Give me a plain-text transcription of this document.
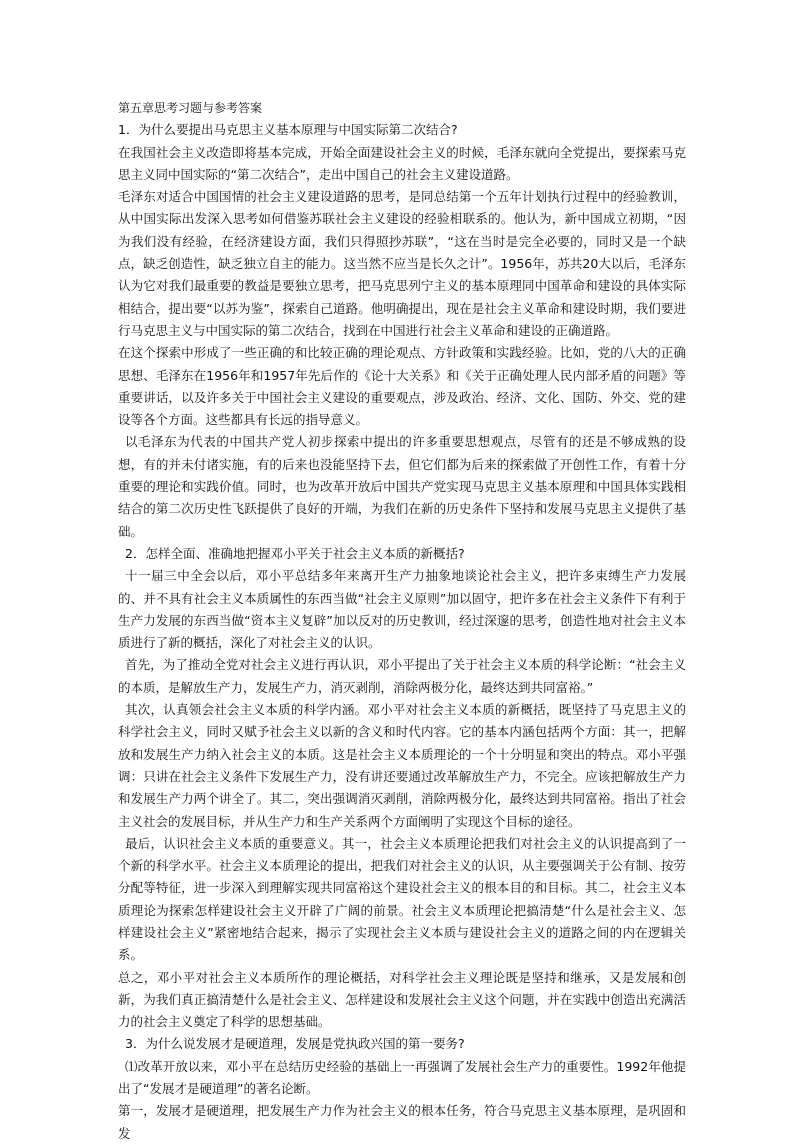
第五章思考习题与参考答案

1．为什么要提出马克思主义基本原理与中国实际第二次结合?

在我国社会主义改造即将基本完成，开始全面建设社会主义的时候，毛泽东就向全党提出，要探索马克思主义同中国实际的“第二次结合”，走出中国自己的社会主义建设道路。

毛泽东对适合中国国情的社会主义建设道路的思考，是同总结第一个五年计划执行过程中的经验教训，从中国实际出发深入思考如何借鉴苏联社会主义建设的经验相联系的。他认为，新中国成立初期，“因为我们没有经验，在经济建设方面，我们只得照抄苏联”，“这在当时是完全必要的，同时又是一个缺点，缺乏创造性，缺乏独立自主的能力。这当然不应当是长久之计”。1956年，苏共20大以后，毛泽东认为它对我们最重要的教益是要独立思考，把马克思列宁主义的基本原理同中国革命和建设的具体实际相结合，提出要“以苏为鉴”，探索自己道路。他明确提出，现在是社会主义革命和建设时期，我们要进行马克思主义与中国实际的第二次结合，找到在中国进行社会主义革命和建设的正确道路。

在这个探索中形成了一些正确的和比较正确的理论观点、方针政策和实践经验。比如，党的八大的正确思想、毛泽东在1956年和1957年先后作的《论十大关系》和《关于正确处理人民内部矛盾的问题》等重要讲话，以及许多关于中国社会主义建设的重要观点，涉及政治、经济、文化、国防、外交、党的建设等各个方面。这些都具有长远的指导意义。

以毛泽东为代表的中国共产党人初步探索中提出的许多重要思想观点，尽管有的还是不够成熟的设想，有的并未付诸实施，有的后来也没能坚持下去，但它们都为后来的探索做了开创性工作，有着十分重要的理论和实践价值。同时，也为改革开放后中国共产党实现马克思主义基本原理和中国具体实践相结合的第二次历史性飞跃提供了良好的开端，为我们在新的历史条件下坚持和发展马克思主义提供了基础。

2．怎样全面、准确地把握邓小平关于社会主义本质的新概括?

十一届三中全会以后，邓小平总结多年来离开生产力抽象地谈论社会主义，把许多束缚生产力发展的、并不具有社会主义本质属性的东西当做“社会主义原则”加以固守，把许多在社会主义条件下有利于生产力发展的东西当做“资本主义复辟”加以反对的历史教训，经过深邃的思考，创造性地对社会主义本质进行了新的概括，深化了对社会主义的认识。

首先，为了推动全党对社会主义进行再认识，邓小平提出了关于社会主义本质的科学论断：“社会主义的本质，是解放生产力，发展生产力，消灭剥削，消除两极分化，最终达到共同富裕。”

其次，认真领会社会主义本质的科学内涵。邓小平对社会主义本质的新概括，既坚持了马克思主义的科学社会主义，同时又赋予社会主义以新的含义和时代内容。它的基本内涵包括两个方面：其一，把解放和发展生产力纳入社会主义的本质。这是社会主义本质理论的一个十分明显和突出的特点。邓小平强调：只讲在社会主义条件下发展生产力，没有讲还要通过改革解放生产力，不完全。应该把解放生产力和发展生产力两个讲全了。其二，突出强调消灭剥削，消除两极分化，最终达到共同富裕。指出了社会主义社会的发展目标，并从生产力和生产关系两个方面阐明了实现这个目标的途径。

最后，认识社会主义本质的重要意义。其一，社会主义本质理论把我们对社会主义的认识提高到了一个新的科学水平。社会主义本质理论的提出，把我们对社会主义的认识，从主要强调关于公有制、按劳分配等特征，进一步深入到理解实现共同富裕这个建设社会主义的根本目的和目标。其二，社会主义本质理论为探索怎样建设社会主义开辟了广阔的前景。社会主义本质理论把搞清楚“什么是社会主义、怎样建设社会主义”紧密地结合起来，揭示了实现社会主义本质与建设社会主义的道路之间的内在逻辑关系。

总之，邓小平对社会主义本质所作的理论概括，对科学社会主义理论既是坚持和继承，又是发展和创新，为我们真正搞清楚什么是社会主义、怎样建设和发展社会主义这个问题，并在实践中创造出充满活力的社会主义奠定了科学的思想基础。

3．为什么说发展才是硬道理，发展是党执政兴国的第一要务?

⑴改革开放以来，邓小平在总结历史经验的基础上一再强调了发展社会生产力的重要性。1992年他提出了“发展才是硬道理”的著名论断。

第一，发展才是硬道理，把发展生产力作为社会主义的根本任务，符合马克思主义基本原理，是巩固和发
